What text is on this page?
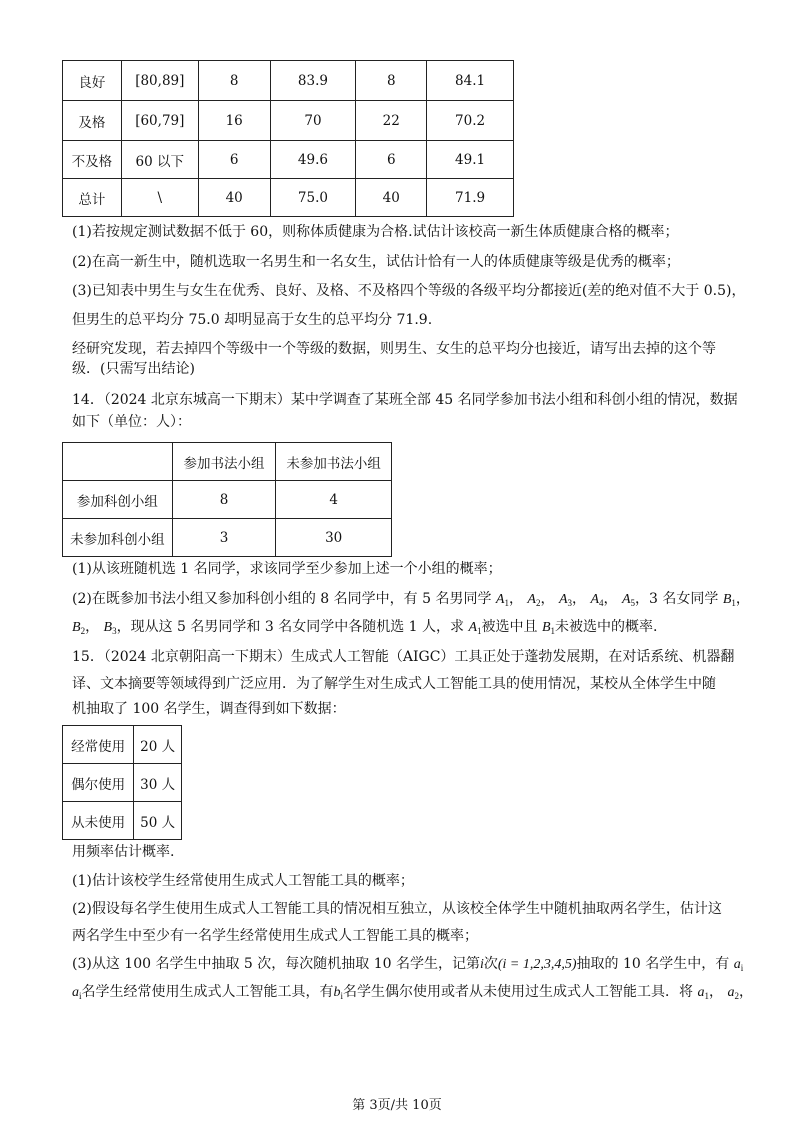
良好	[80,89]	8	83.9	8	84.1
及格	[60,79]	16	70	22	70.2
不及格	60 以下	6	49.6	6	49.1
总计	\	40	75.0	40	71.9
(1)若按规定测试数据不低于 60，则称体质健康为合格.试估计该校高一新生体质健康合格的概率；
(2)在高一新生中，随机选取一名男生和一名女生，试估计恰有一人的体质健康等级是优秀的概率；
(3)已知表中男生与女生在优秀、良好、及格、不及格四个等级的各级平均分都接近(差的绝对值不大于 0.5)，
但男生的总平均分 75.0 却明显高于女生的总平均分 71.9.
经研究发现，若去掉四个等级中一个等级的数据，则男生、女生的总平均分也接近，请写出去掉的这个等
级．(只需写出结论)
14．（2024 北京东城高一下期末）某中学调查了某班全部 45 名同学参加书法小组和科创小组的情况，数据
如下（单位：人）：
	参加书法小组	未参加书法小组
参加科创小组	8	4
未参加科创小组	3	30
(1)从该班随机选 1 名同学，求该同学至少参加上述一个小组的概率；
(2)在既参加书法小组又参加科创小组的 8 名同学中，有 5 名男同学 $A_1$， $A_2$， $A_3$， $A_4$， $A_5$，3 名女同学 $B_1$，
$B_2$， $B_3$，现从这 5 名男同学和 3 名女同学中各随机选 1 人，求 $A_1$被选中且 $B_1$未被选中的概率.
15．（2024 北京朝阳高一下期末）生成式人工智能（AIGC）工具正处于蓬勃发展期，在对话系统、机器翻
译、文本摘要等领域得到广泛应用．为了解学生对生成式人工智能工具的使用情况，某校从全体学生中随
机抽取了 100 名学生，调查得到如下数据：
经常使用	20 人
偶尔使用	30 人
从未使用	50 人
用频率估计概率.
(1)估计该校学生经常使用生成式人工智能工具的概率；
(2)假设每名学生使用生成式人工智能工具的情况相互独立，从该校全体学生中随机抽取两名学生，估计这
两名学生中至少有一名学生经常使用生成式人工智能工具的概率；
(3)从这 100 名学生中抽取 5 次，每次随机抽取 10 名学生，记第i次(i = 1,2,3,4,5)抽取的 10 名学生中，有 $a_i$
$a_i$名学生经常使用生成式人工智能工具，有$b_i$名学生偶尔使用或者从未使用过生成式人工智能工具．将 $a_1$， $a_2$，
第 3页/共 10页
